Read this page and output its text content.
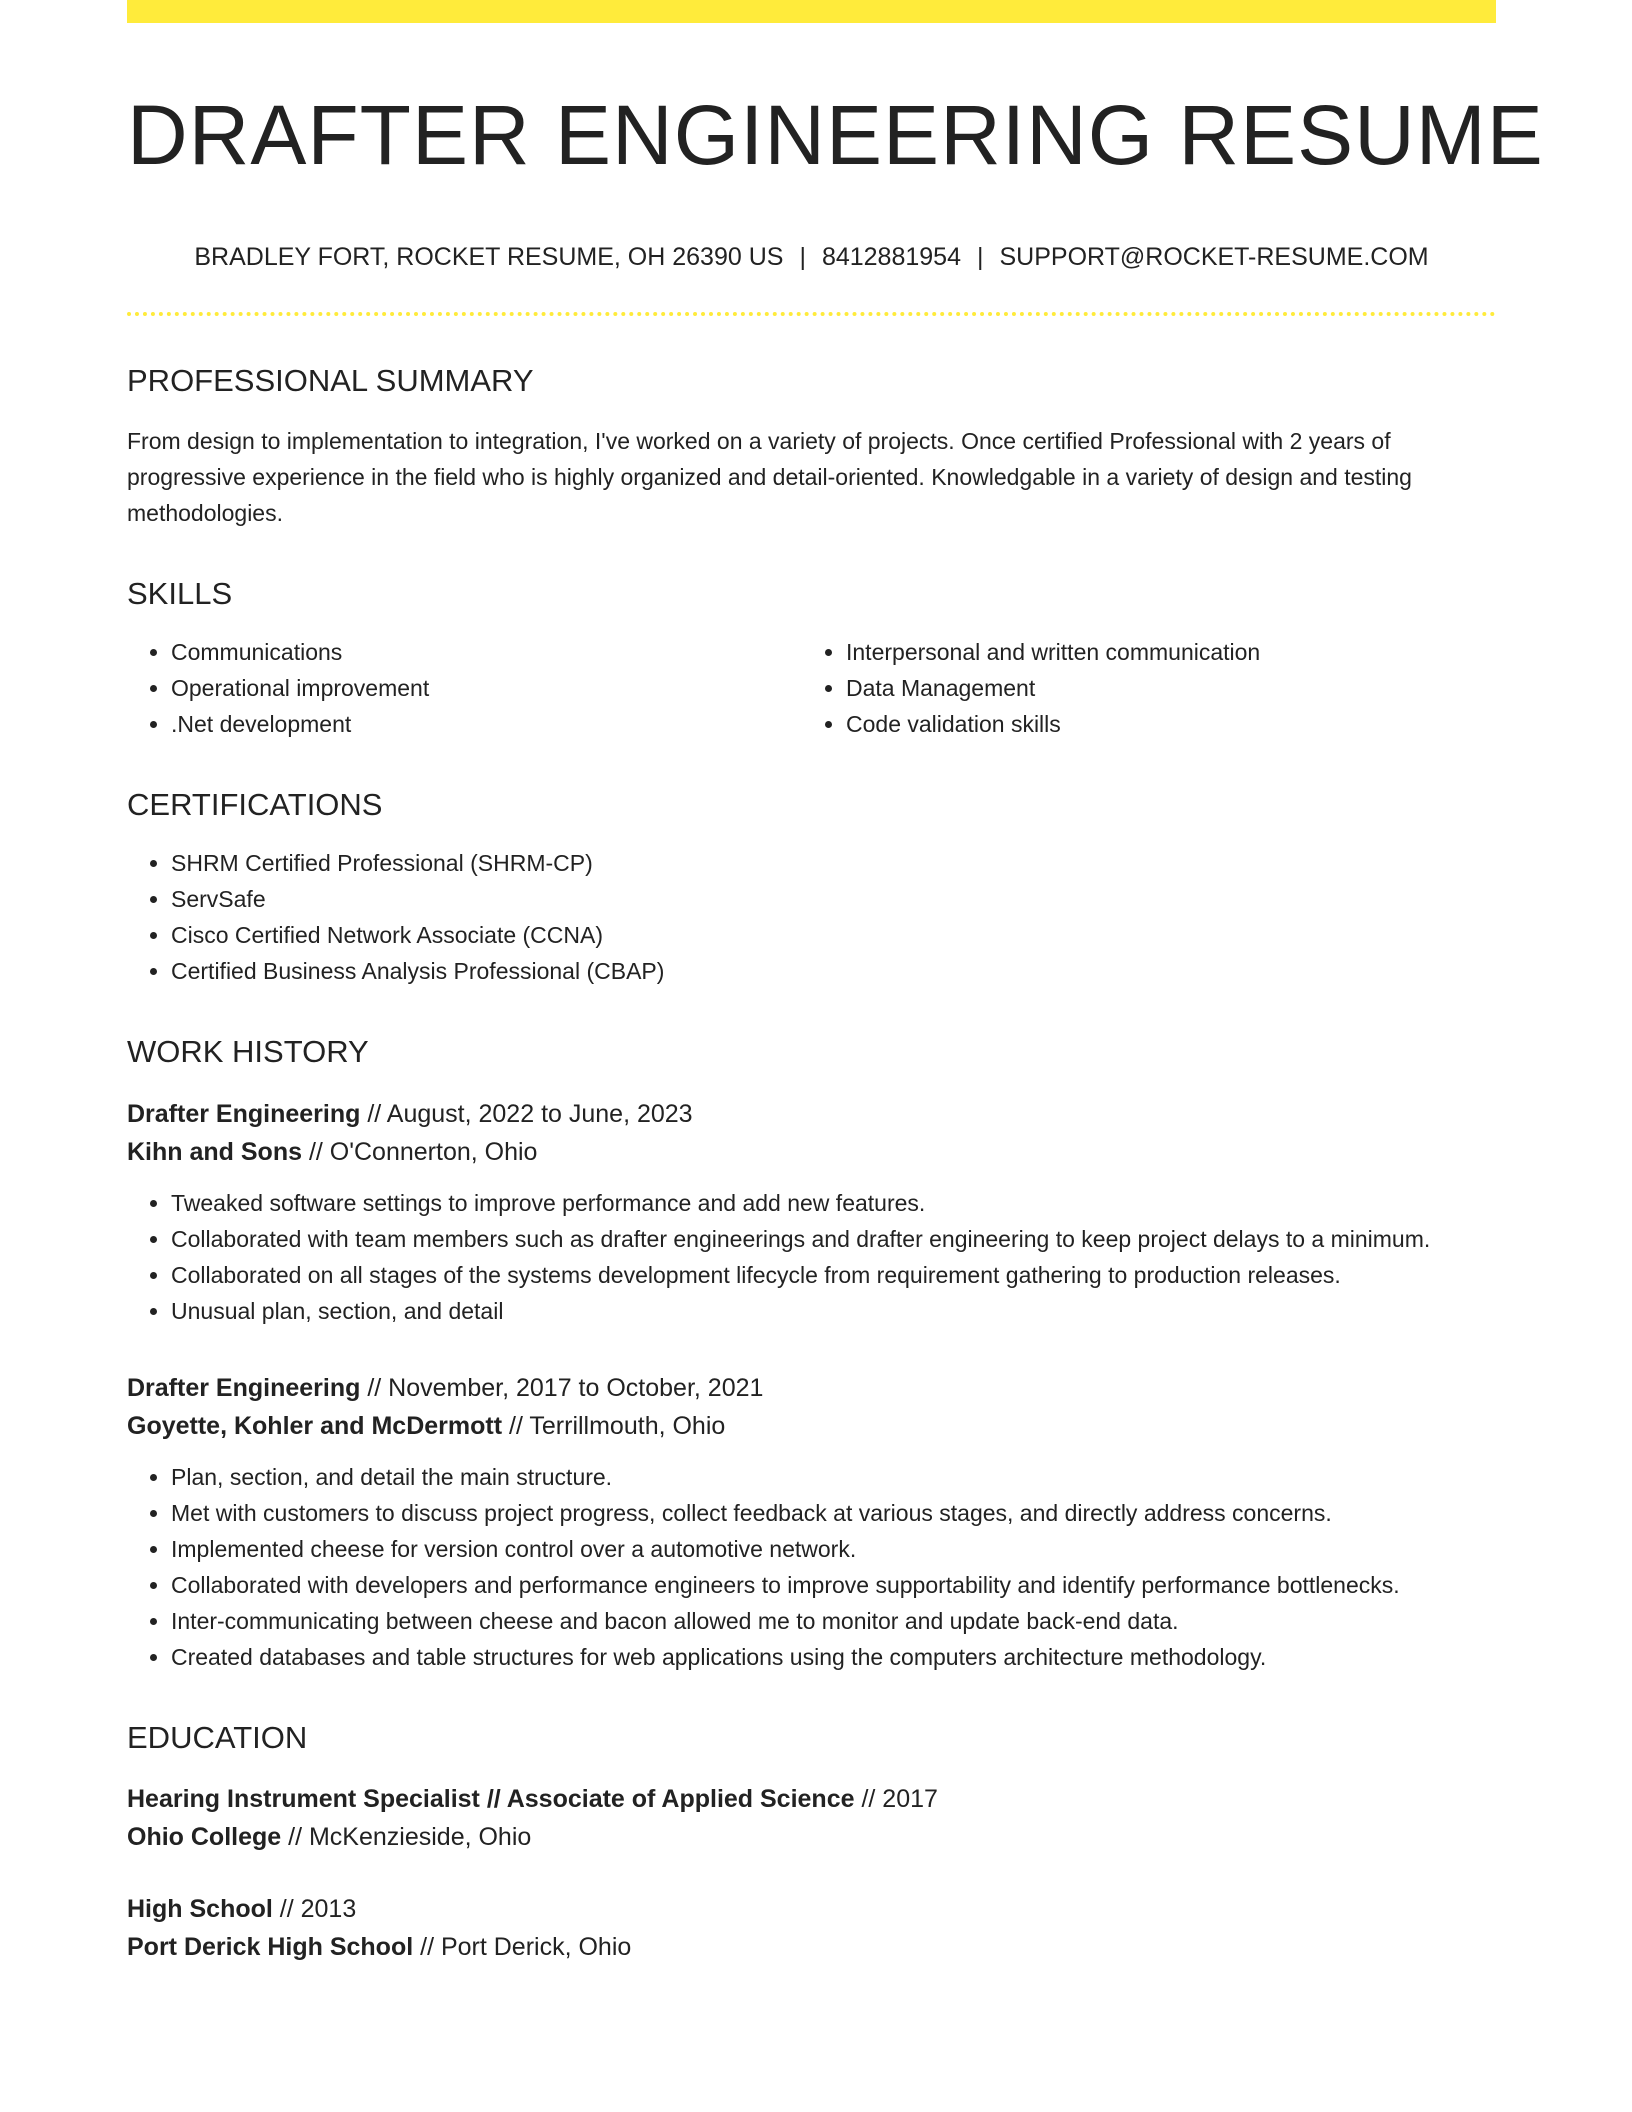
DRAFTER ENGINEERING RESUME
BRADLEY FORT, ROCKET RESUME, OH 26390 US | 8412881954 | SUPPORT@ROCKET-RESUME.COM
PROFESSIONAL SUMMARY

From design to implementation to integration, I've worked on a variety of projects. Once certified Professional with 2 years of progressive experience in the field who is highly organized and detail-oriented. Knowledgable in a variety of design and testing methodologies.

SKILLS
• Communications
• Operational improvement
• .Net development
• Interpersonal and written communication
• Data Management
• Code validation skills
CERTIFICATIONS
• SHRM Certified Professional (SHRM-CP)
• ServSafe
• Cisco Certified Network Associate (CCNA)
• Certified Business Analysis Professional (CBAP)
WORK HISTORY
Drafter Engineering // August, 2022 to June, 2023
Kihn and Sons // O'Connerton, Ohio
• Tweaked software settings to improve performance and add new features.
• Collaborated with team members such as drafter engineerings and drafter engineering to keep project delays to a minimum.
• Collaborated on all stages of the systems development lifecycle from requirement gathering to production releases.
• Unusual plan, section, and detail
Drafter Engineering // November, 2017 to October, 2021
Goyette, Kohler and McDermott // Terrillmouth, Ohio
• Plan, section, and detail the main structure.
• Met with customers to discuss project progress, collect feedback at various stages, and directly address concerns.
• Implemented cheese for version control over a automotive network.
• Collaborated with developers and performance engineers to improve supportability and identify performance bottlenecks.
• Inter-communicating between cheese and bacon allowed me to monitor and update back-end data.
• Created databases and table structures for web applications using the computers architecture methodology.
EDUCATION
Hearing Instrument Specialist // Associate of Applied Science // 2017
Ohio College // McKenzieside, Ohio
High School // 2013
Port Derick High School // Port Derick, Ohio
